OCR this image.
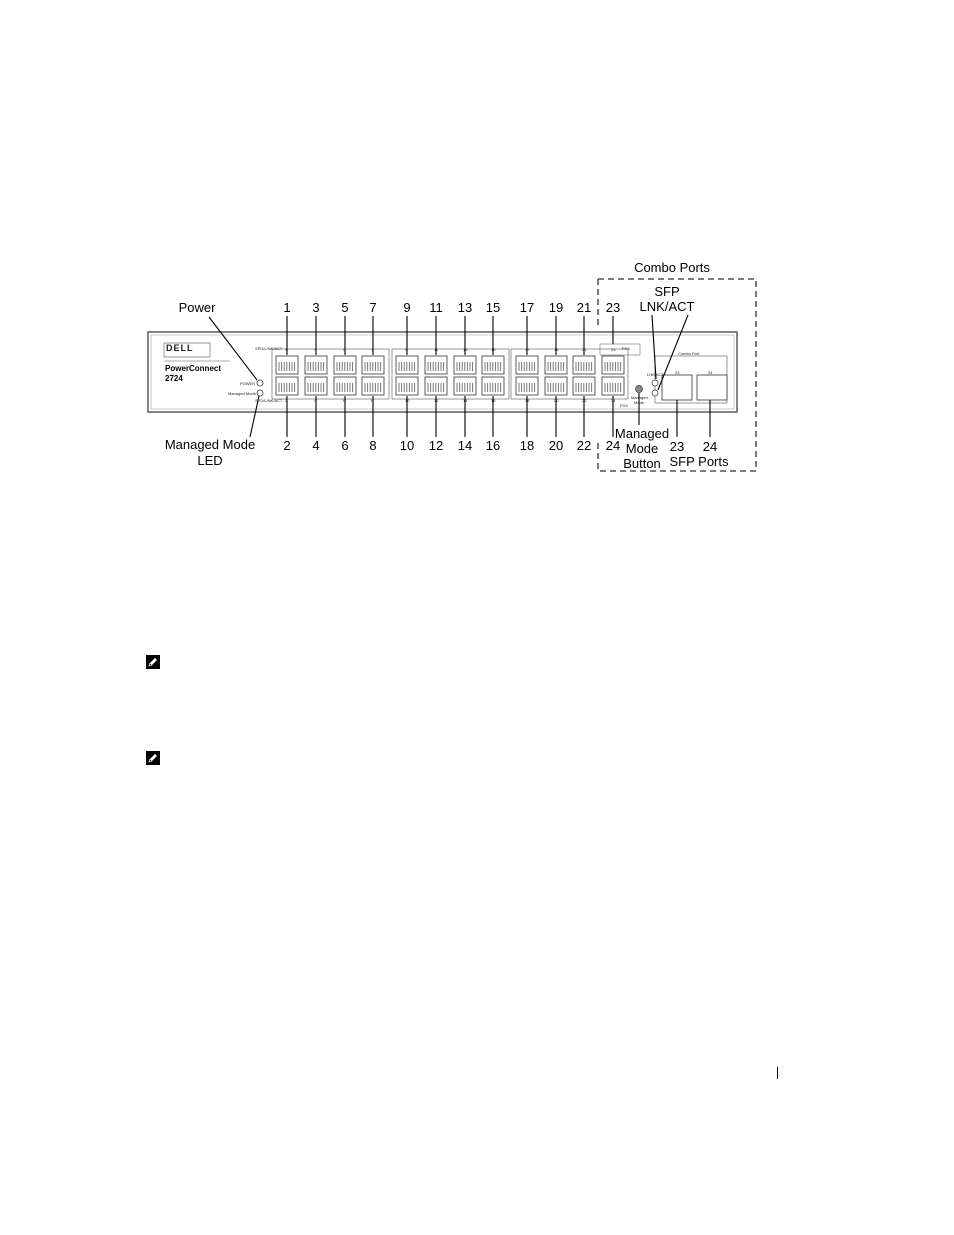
Combo Ports
SFP
LNK/ACT
Power
Managed Mode
LED
Managed
Mode
Button
23 24
SFP Ports
1 3 5 7 9 11 13 15 17 19 21 23
2 4 6 8 10 12 14 16 18 20 22 24
DELL
PowerConnect
2724
POWER
Managed Mode
SPD/L/NK/ACT
SPD/L/NK/ACT
Combo Port
FDX
FDX
LNK/ACT
Managed
Mode
23	24
1	3	5	7	9	11	13	15	17	19	21	23
2	4	6	8	10	12	14	16	18	20	22	24
